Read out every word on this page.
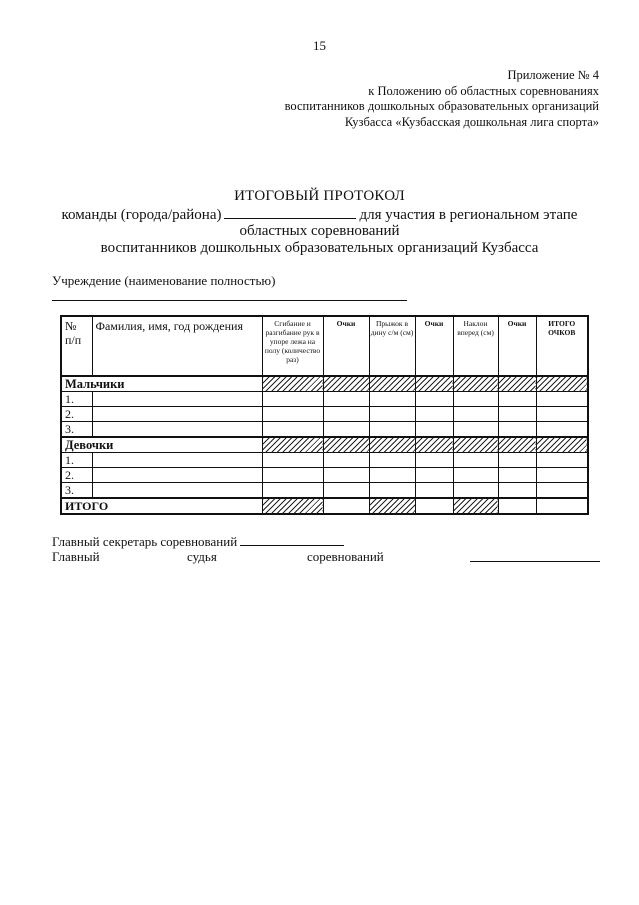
15
Приложение № 4
к Положению об областных соревнованиях
воспитанников дошкольных образовательных организаций
Кузбасса «Кузбасская дошкольная лига спорта»
ИТОГОВЫЙ ПРОТОКОЛ
команды (города/района)	для участия в региональном этапе
областных соревнований
воспитанников дошкольных образовательных организаций Кузбасса
Учреждение (наименование полностью)
№ п/п	Фамилия, имя, год рождения	Сгибание и разгибание рук в упоре лежа на полу (количество раз)	Очки	Прыжок в дину с/м (см)	Очки	Наклон вперед (см)	Очки	ИТОГО ОЧКОВ
Мальчики								
1.								
2.								
3.								
Девочки								
1.								
2.								
3.								
ИТОГО								
Главный секретарь соревнований
Главный	судья	соревнований
